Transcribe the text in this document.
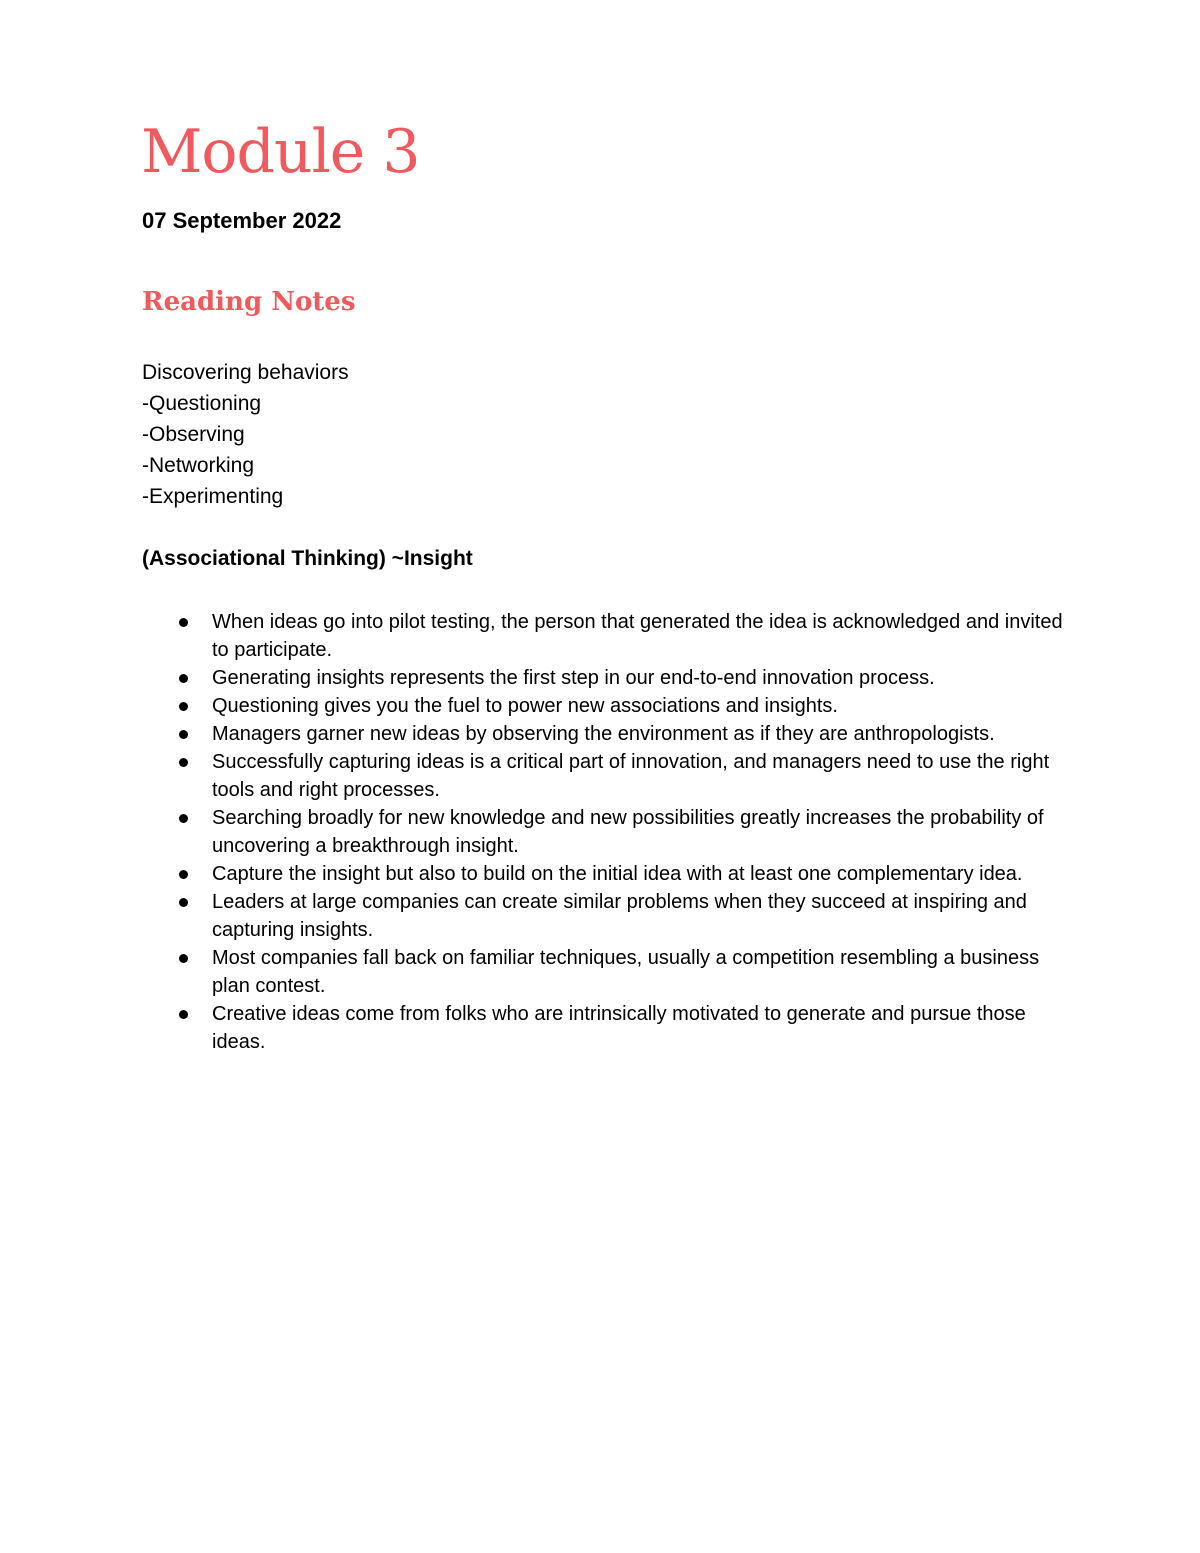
Module 3
07 September 2022
Reading Notes
Discovering behaviors
-Questioning
-Observing
-Networking
-Experimenting
(Associational Thinking) ~Insight
When ideas go into pilot testing, the person that generated the idea is acknowledged and invited to participate.
Generating insights represents the first step in our end-to-end innovation process.
Questioning gives you the fuel to power new associations and insights.
Managers garner new ideas by observing the environment as if they are anthropologists.
Successfully capturing ideas is a critical part of innovation, and managers need to use the right tools and right processes.
Searching broadly for new knowledge and new possibilities greatly increases the probability of uncovering a breakthrough insight.
Capture the insight but also to build on the initial idea with at least one complementary idea.
Leaders at large companies can create similar problems when they succeed at inspiring and capturing insights.
Most companies fall back on familiar techniques, usually a competition resembling a business plan contest.
Creative ideas come from folks who are intrinsically motivated to generate and pursue those ideas.
